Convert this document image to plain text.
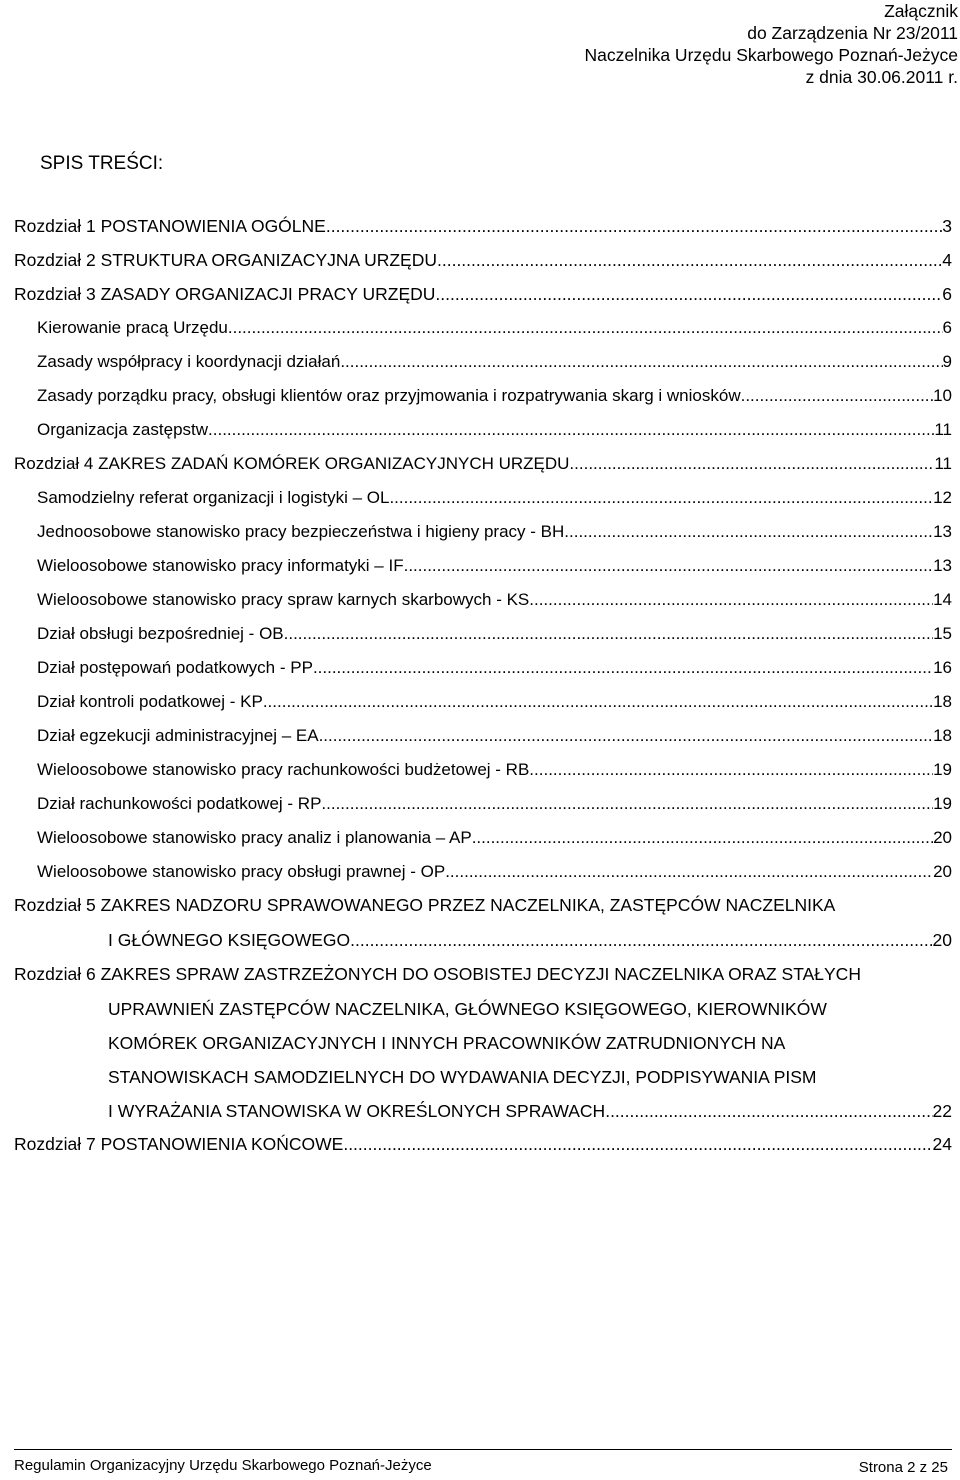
Załącznik
do Zarządzenia Nr 23/2011
Naczelnika Urzędu Skarbowego Poznań-Jeżyce
z dnia 30.06.2011 r.
SPIS TREŚCI:
Rozdział 1 POSTANOWIENIA OGÓLNE .....	3
Rozdział 2 STRUKTURA ORGANIZACYJNA URZĘDU .....	4
Rozdział 3 ZASADY ORGANIZACJI PRACY URZĘDU .....	6
Kierowanie pracą Urzędu .....	6
Zasady współpracy i koordynacji działań .....	9
Zasady porządku pracy, obsługi klientów oraz przyjmowania i rozpatrywania skarg i wniosków .....	10
Organizacja zastępstw .....	11
Rozdział 4 ZAKRES ZADAŃ KOMÓREK ORGANIZACYJNYCH URZĘDU .....	11
Samodzielny referat organizacji i logistyki – OL .....	12
Jednoosobowe stanowisko pracy bezpieczeństwa i higieny pracy - BH .....	13
Wieloosobowe stanowisko pracy informatyki – IF .....	13
Wieloosobowe stanowisko pracy spraw karnych skarbowych - KS .....	14
Dział obsługi bezpośredniej - OB .....	15
Dział postępowań podatkowych - PP .....	16
Dział kontroli podatkowej - KP .....	18
Dział egzekucji administracyjnej – EA .....	18
Wieloosobowe stanowisko pracy rachunkowości budżetowej - RB .....	19
Dział rachunkowości podatkowej - RP .....	19
Wieloosobowe stanowisko pracy analiz i planowania – AP .....	20
Wieloosobowe stanowisko pracy obsługi prawnej - OP .....	20
Rozdział 5 ZAKRES NADZORU SPRAWOWANEGO PRZEZ NACZELNIKA, ZASTĘPCÓW NACZELNIKA
I GŁÓWNEGO KSIĘGOWEGO .....	20
Rozdział 6 ZAKRES SPRAW ZASTRZEŻONYCH DO OSOBISTEJ DECYZJI NACZELNIKA ORAZ STAŁYCH
UPRAWNIEŃ ZASTĘPCÓW NACZELNIKA, GŁÓWNEGO KSIĘGOWEGO, KIEROWNIKÓW
KOMÓREK ORGANIZACYJNYCH I INNYCH PRACOWNIKÓW ZATRUDNIONYCH NA
STANOWISKACH SAMODZIELNYCH DO WYDAWANIA DECYZJI, PODPISYWANIA PISM
I WYRAŻANIA STANOWISKA W OKREŚLONYCH SPRAWACH .....	22
Rozdział 7 POSTANOWIENIA KOŃCOWE .....	24
Regulamin Organizacyjny Urzędu Skarbowego Poznań-Jeżyce	Strona 2 z 25
